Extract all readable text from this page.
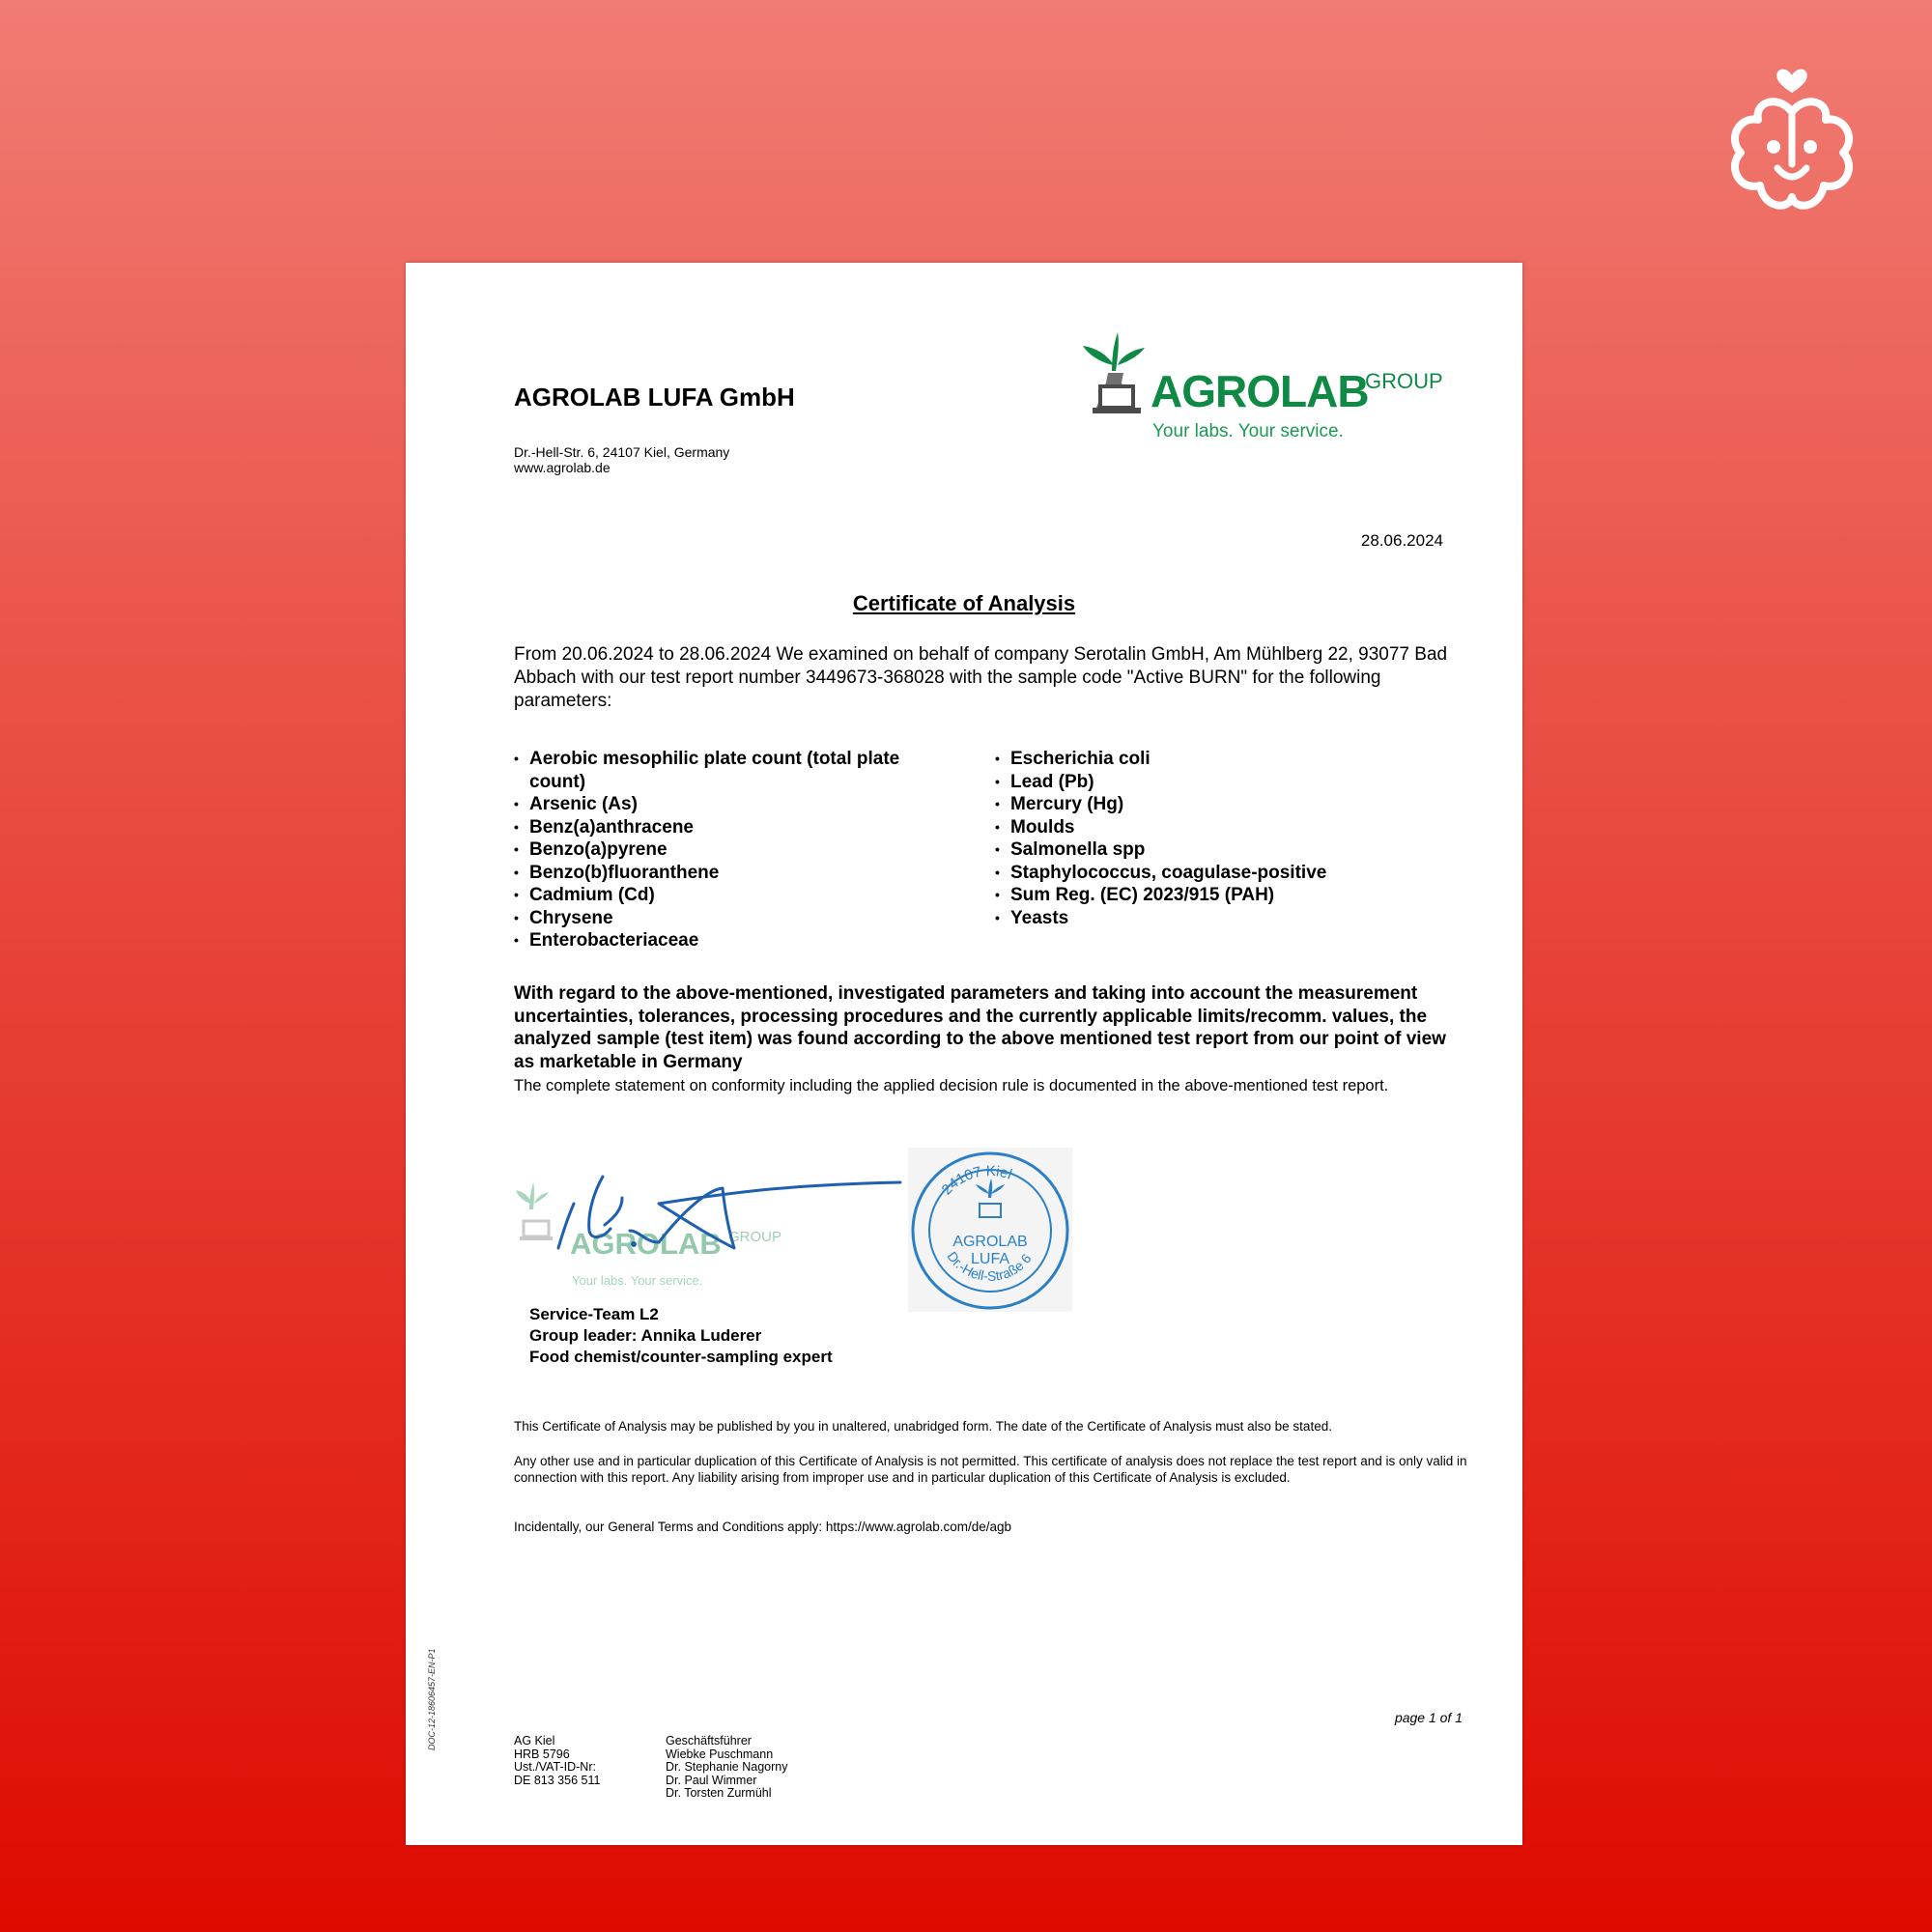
AGROLAB LUFA GmbH
Dr.-Hell-Str. 6, 24107 Kiel, Germany
www.agrolab.de
AGROLAB
GROUP
Your labs. Your service.
28.06.2024
Certificate of Analysis
From 20.06.2024 to 28.06.2024 We examined on behalf of company Serotalin GmbH, Am Mühlberg 22, 93077 Bad Abbach with our test report number 3449673-368028 with the sample code "Active BURN" for the following parameters:
• Aerobic mesophilic plate count (total plate count)
• Arsenic (As)
• Benz(a)anthracene
• Benzo(a)pyrene
• Benzo(b)fluoranthene
• Cadmium (Cd)
• Chrysene
• Enterobacteriaceae
• Escherichia coli
• Lead (Pb)
• Mercury (Hg)
• Moulds
• Salmonella spp
• Staphylococcus, coagulase-positive
• Sum Reg. (EC) 2023/915 (PAH)
• Yeasts
With regard to the above-mentioned, investigated parameters and taking into account the measurement uncertainties, tolerances, processing procedures and the currently applicable limits/recomm. values, the analyzed sample (test item) was found according to the above mentioned test report from our point of view as marketable in Germany
The complete statement on conformity including the applied decision rule is documented in the above-mentioned test report.
AGROLAB GROUP
Your labs. Your service.
24107 Kiel
Dr.-Hell-Straße 6
AGROLAB
LUFA
Service-Team L2
Group leader: Annika Luderer
Food chemist/counter-sampling expert
This Certificate of Analysis may be published by you in unaltered, unabridged form. The date of the Certificate of Analysis must also be stated.
Any other use and in particular duplication of this Certificate of Analysis is not permitted. This certificate of analysis does not replace the test report and is only valid in connection with this report. Any liability arising from improper use and in particular duplication of this Certificate of Analysis is excluded.
Incidentally, our General Terms and Conditions apply: https://www.agrolab.com/de/agb
DOC-12-18606457-EN-P1	page 1 of 1
AG Kiel
HRB 5796
Ust./VAT-ID-Nr:
DE 813 356 511
Geschäftsführer
Wiebke Puschmann
Dr. Stephanie Nagorny
Dr. Paul Wimmer
Dr. Torsten Zurmühl
